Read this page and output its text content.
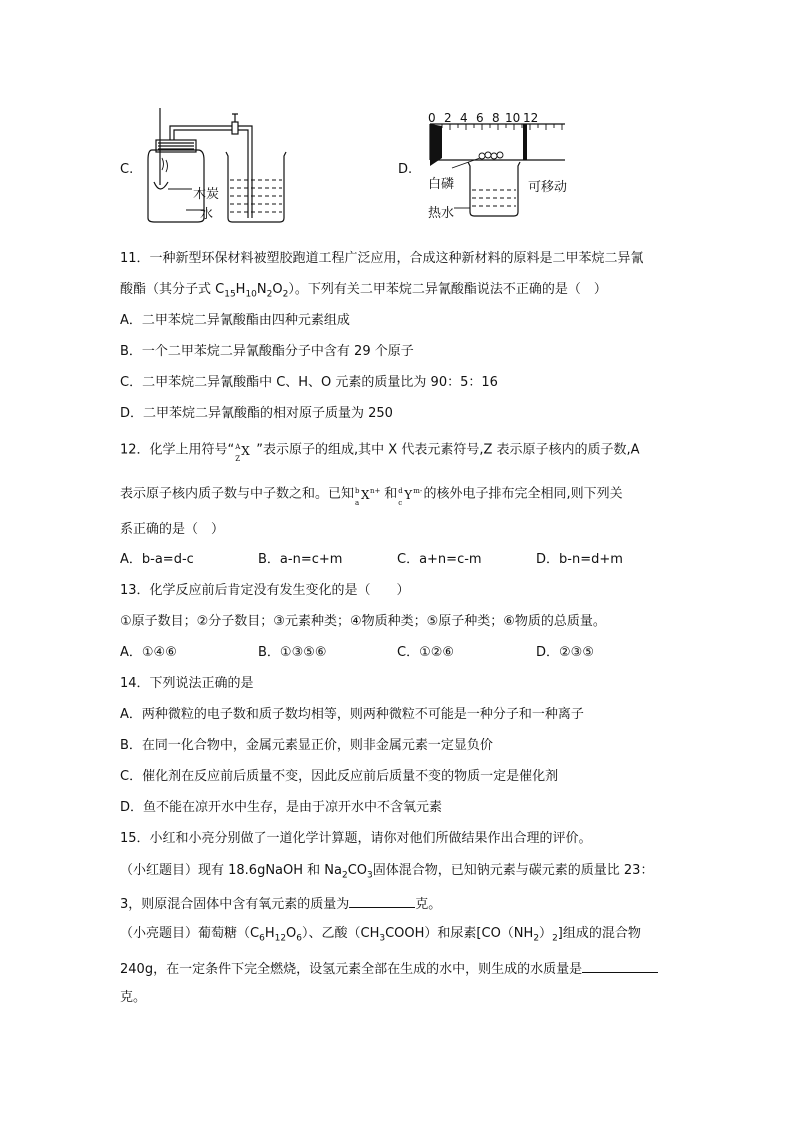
C.
木炭
水
D.
0 2 4 6 8 10 12
白磷	可移动
热水
11．一种新型环保材料被塑胶跑道工程广泛应用，合成这种新材料的原料是二甲苯烷二异氰
酸酯（其分子式 $C_{15}H_{10}N_2O_2$）。下列有关二甲苯烷二异氰酸酯说法不正确的是（　）
A．二甲苯烷二异氰酸酯由四种元素组成
B．一个二甲苯烷二异氰酸酯分子中含有 29 个原子
C．二甲苯烷二异氰酸酯中 C、H、O 元素的质量比为 90：5：16
D．二甲苯烷二异氰酸酯的相对原子质量为 250
12．化学上用符号“ A
Z
X ”表示原子的组成,其中 X 代表元素符号,Z 表示原子核内的质子数,A
表示原子核内质子数与中子数之和。已知 b
a
X n+ 和 d
c
Y m- 的核外电子排布完全相同,则下列关
系正确的是（　）
A．b-a=d-c	B．a-n=c+m	C．a+n=c-m	D．b-n=d+m
13．化学反应前后肯定没有发生变化的是（　　）
①原子数目；②分子数目；③元素种类；④物质种类；⑤原子种类；⑥物质的总质量。
A．①④⑥	B．①③⑤⑥	C．①②⑥	D．②③⑤
14．下列说法正确的是
A．两种微粒的电子数和质子数均相等，则两种微粒不可能是一种分子和一种离子
B．在同一化合物中，金属元素显正价，则非金属元素一定显负价
C．催化剂在反应前后质量不变，因此反应前后质量不变的物质一定是催化剂
D．鱼不能在凉开水中生存，是由于凉开水中不含氧元素
15．小红和小亮分别做了一道化学计算题，请你对他们所做结果作出合理的评价。
（小红题目）现有 18.6gNaOH 和 $Na_2CO_3$固体混合物，已知钠元素与碳元素的质量比 23：
3，则原混合固体中含有氧元素的质量为	克。
（小亮题目）葡萄糖$(C_6H_{12}O_6)$、乙酸$(CH_3COOH)$和尿素$[CO(NH_2)_2]$组成的混合物
240g，在一定条件下完全燃烧，设氢元素全部在生成的水中，则生成的水质量是
克。
